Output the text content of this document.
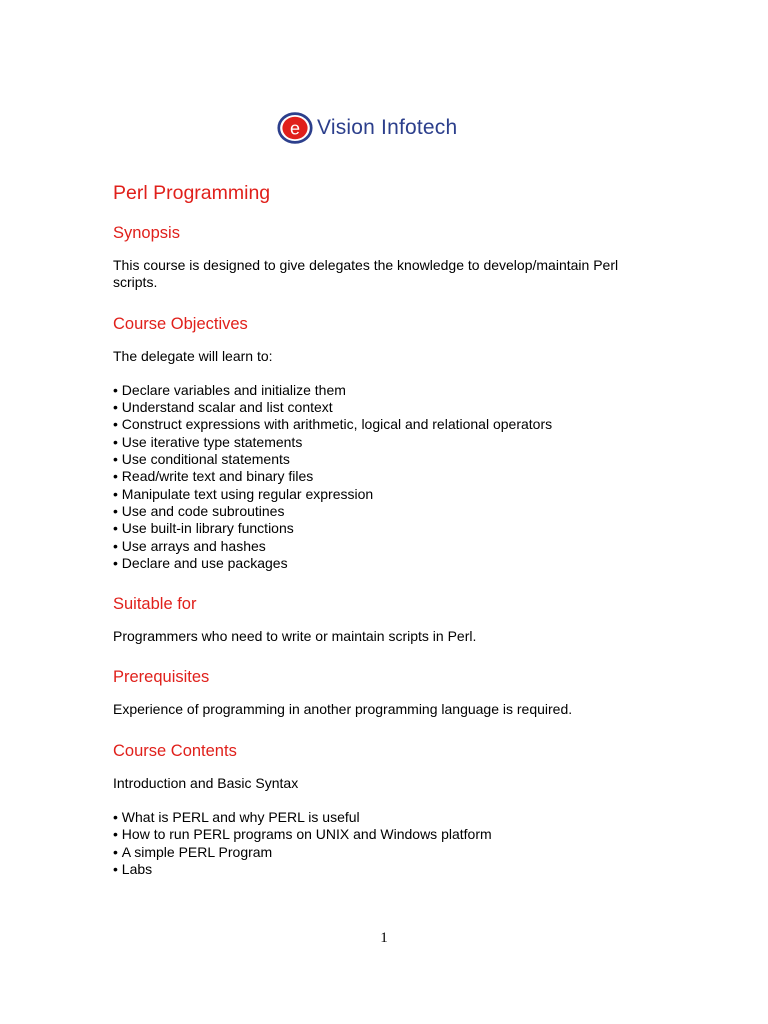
e Vision Infotech
Perl Programming
Synopsis

This course is designed to give delegates the knowledge to develop/maintain Perl scripts.

Course Objectives

The delegate will learn to:

• Declare variables and initialize them
• Understand scalar and list context
• Construct expressions with arithmetic, logical and relational operators
• Use iterative type statements
• Use conditional statements
• Read/write text and binary files
• Manipulate text using regular expression
• Use and code subroutines
• Use built-in library functions
• Use arrays and hashes
• Declare and use packages
Suitable for

Programmers who need to write or maintain scripts in Perl.

Prerequisites

Experience of programming in another programming language is required.

Course Contents

Introduction and Basic Syntax

• What is PERL and why PERL is useful
• How to run PERL programs on UNIX and Windows platform
• A simple PERL Program
• Labs
1
